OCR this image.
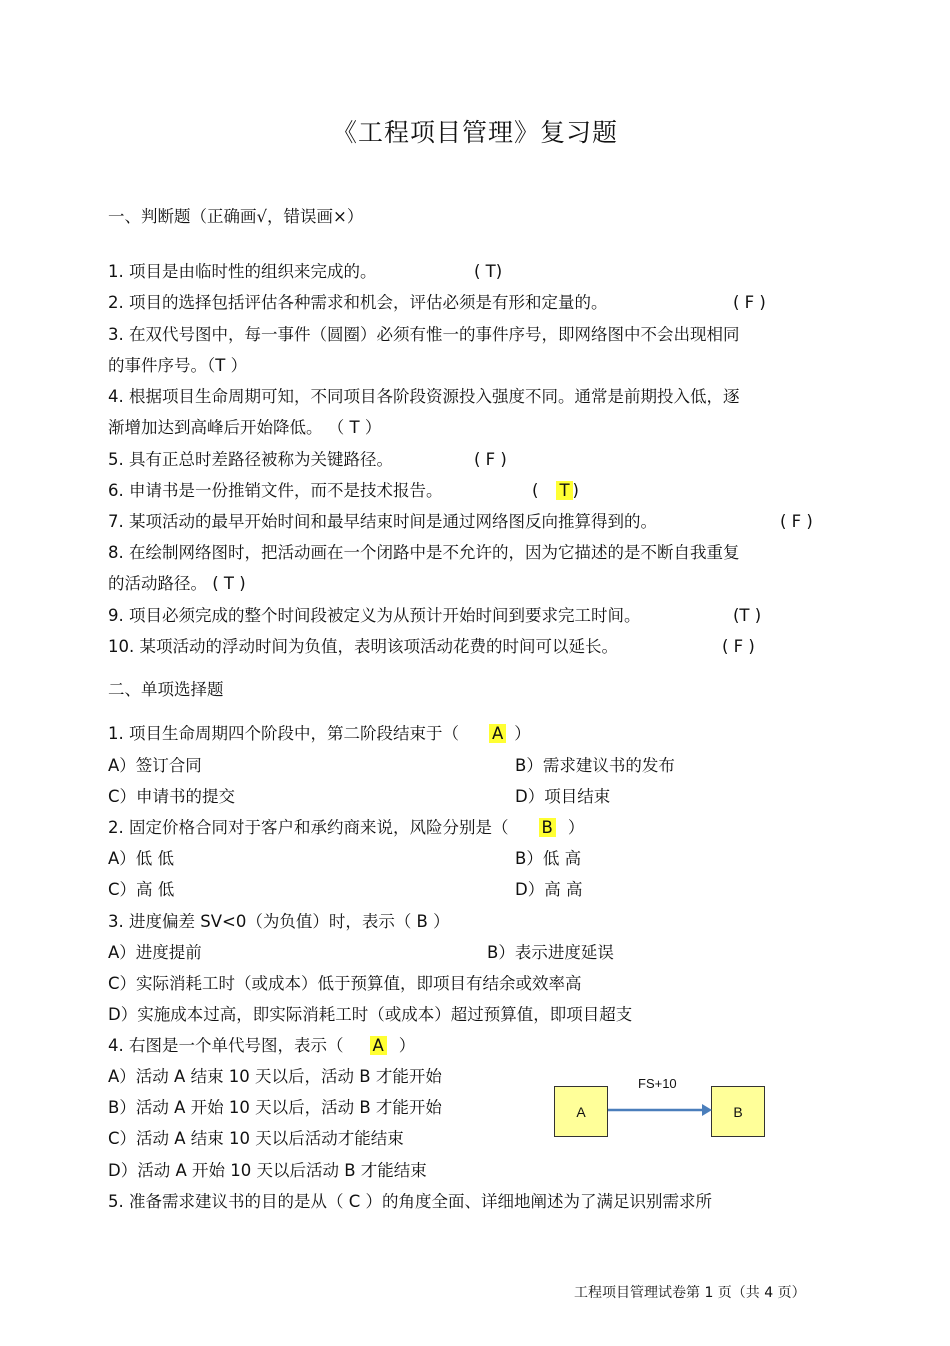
《工程项目管理》复习题
一、判断题（正确画√，错误画×）
1. 项目是由临时性的组织来完成的。	( T)
2. 项目的选择包括评估各种需求和机会，评估必须是有形和定量的。	( F )
3. 在双代号图中，每一事件（圆圈）必须有惟一的事件序号，即网络图中不会出现相同
的事件序号。（T ）
4. 根据项目生命周期可知，不同项目各阶段资源投入强度不同。通常是前期投入低，逐
渐增加达到高峰后开始降低。 （ T ）
5. 具有正总时差路径被称为关键路径。	( F )
6. 申请书是一份推销文件，而不是技术报告。	( T )
7. 某项活动的最早开始时间和最早结束时间是通过网络图反向推算得到的。	( F )
8. 在绘制网络图时，把活动画在一个闭路中是不允许的，因为它描述的是不断自我重复
的活动路径。 ( T )
9. 项目必须完成的整个时间段被定义为从预计开始时间到要求完工时间。	(T )
10. 某项活动的浮动时间为负值，表明该项活动花费的时间可以延长。	( F )
二、单项选择题
1. 项目生命周期四个阶段中，第二阶段结束于（ A ）
A）签订合同	B）需求建议书的发布
C）申请书的提交	D）项目结束
2. 固定价格合同对于客户和承约商来说，风险分别是（ B ）
A）低 低	B）低 高
C）高 低	D）高 高
3. 进度偏差 SV<0（为负值）时，表示（ B ）
A）进度提前	B）表示进度延误
C）实际消耗工时（或成本）低于预算值，即项目有结余或效率高
D）实施成本过高，即实际消耗工时（或成本）超过预算值，即项目超支
4. 右图是一个单代号图，表示（ A ）
A）活动 A 结束 10 天以后，活动 B 才能开始
B）活动 A 开始 10 天以后，活动 B 才能开始
C）活动 A 结束 10 天以后活动才能结束
D）活动 A 开始 10 天以后活动 B 才能结束
A	B
FS+10
5. 准备需求建议书的目的是从（ C ）的角度全面、详细地阐述为了满足识别需求所
工程项目管理试卷第 1 页（共 4 页）
